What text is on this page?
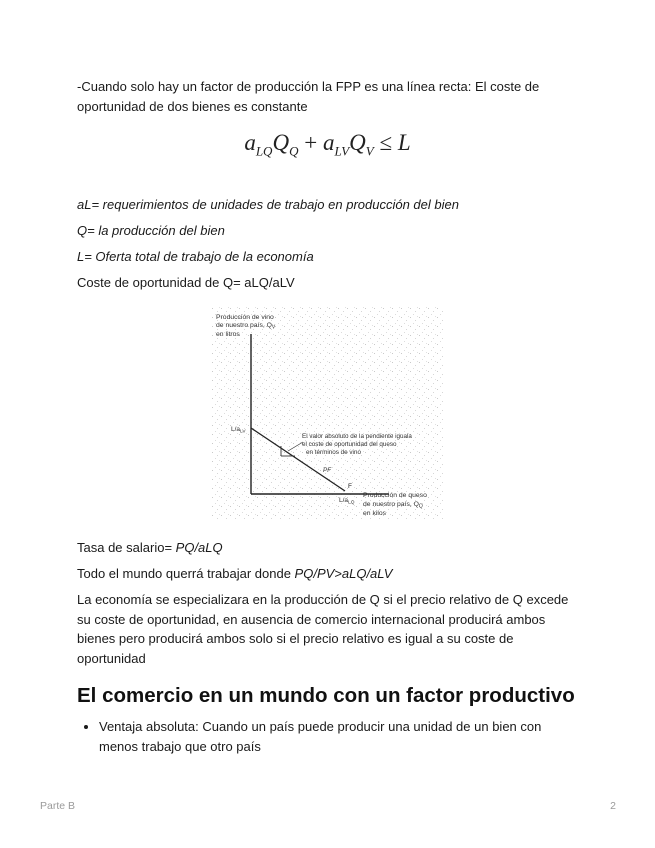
-Cuando solo hay un factor de producción la FPP es una línea recta: El coste de oportunidad de dos bienes es constante

$a_{LQ}Q_Q + a_{LV}Q_V \le L$

aL= requerimientos de unidades de trabajo en producción del bien

Q= la producción del bien

L= Oferta total de trabajo de la economía

Coste de oportunidad de Q= aLQ/aLV

Producción de vino
de nuestro país, $Q_V$
en litros
$L/a_{LV}$
El valor absoluto de la pendiente iguala
el coste de oportunidad del queso
en términos de vino
PF
F
$L/a_{LQ}$
Producción de queso
de nuestro país, $Q_Q$
en kilos

Tasa de salario= PQ/aLQ

Todo el mundo querrá trabajar donde PQ/PV>aLQ/aLV

La economía se especializara en la producción de Q si el precio relativo de Q excede su coste de oportunidad, en ausencia de comercio internacional producirá ambos bienes pero producirá ambos solo si el precio relativo es igual a su coste de oportunidad

El comercio en un mundo con un factor productivo
• Ventaja absoluta: Cuando un país puede producir una unidad de un bien con menos trabajo que otro país
Parte B	2
